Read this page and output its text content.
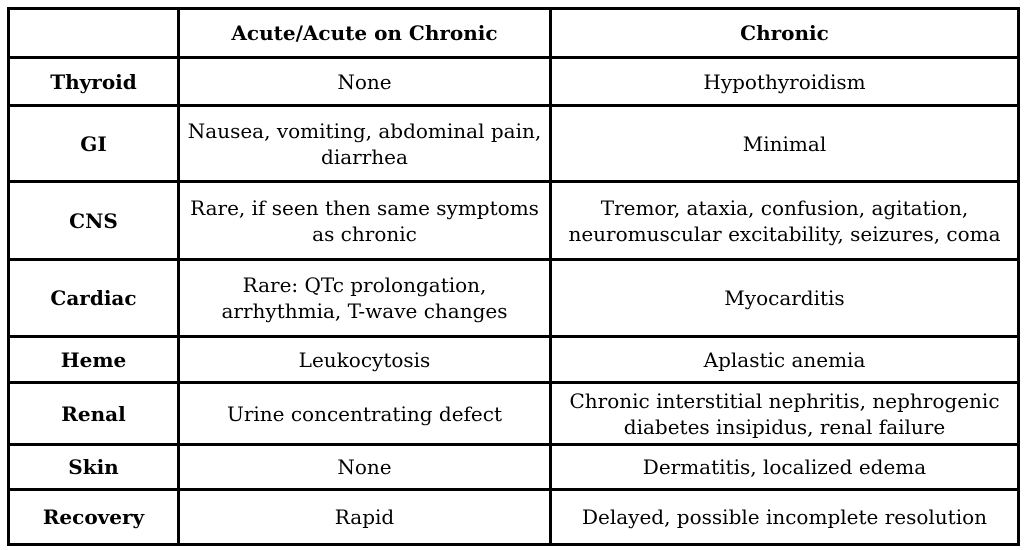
	Acute/Acute on Chronic	Chronic
Thyroid	None	Hypothyroidism
GI	Nausea, vomiting, abdominal pain, diarrhea	Minimal
CNS	Rare, if seen then same symptoms as chronic	Tremor, ataxia, confusion, agitation, neuromuscular excitability, seizures, coma
Cardiac	Rare: QTc prolongation, arrhythmia, T-wave changes	Myocarditis
Heme	Leukocytosis	Aplastic anemia
Renal	Urine concentrating defect	Chronic interstitial nephritis, nephrogenic diabetes insipidus, renal failure
Skin	None	Dermatitis, localized edema
Recovery	Rapid	Delayed, possible incomplete resolution
